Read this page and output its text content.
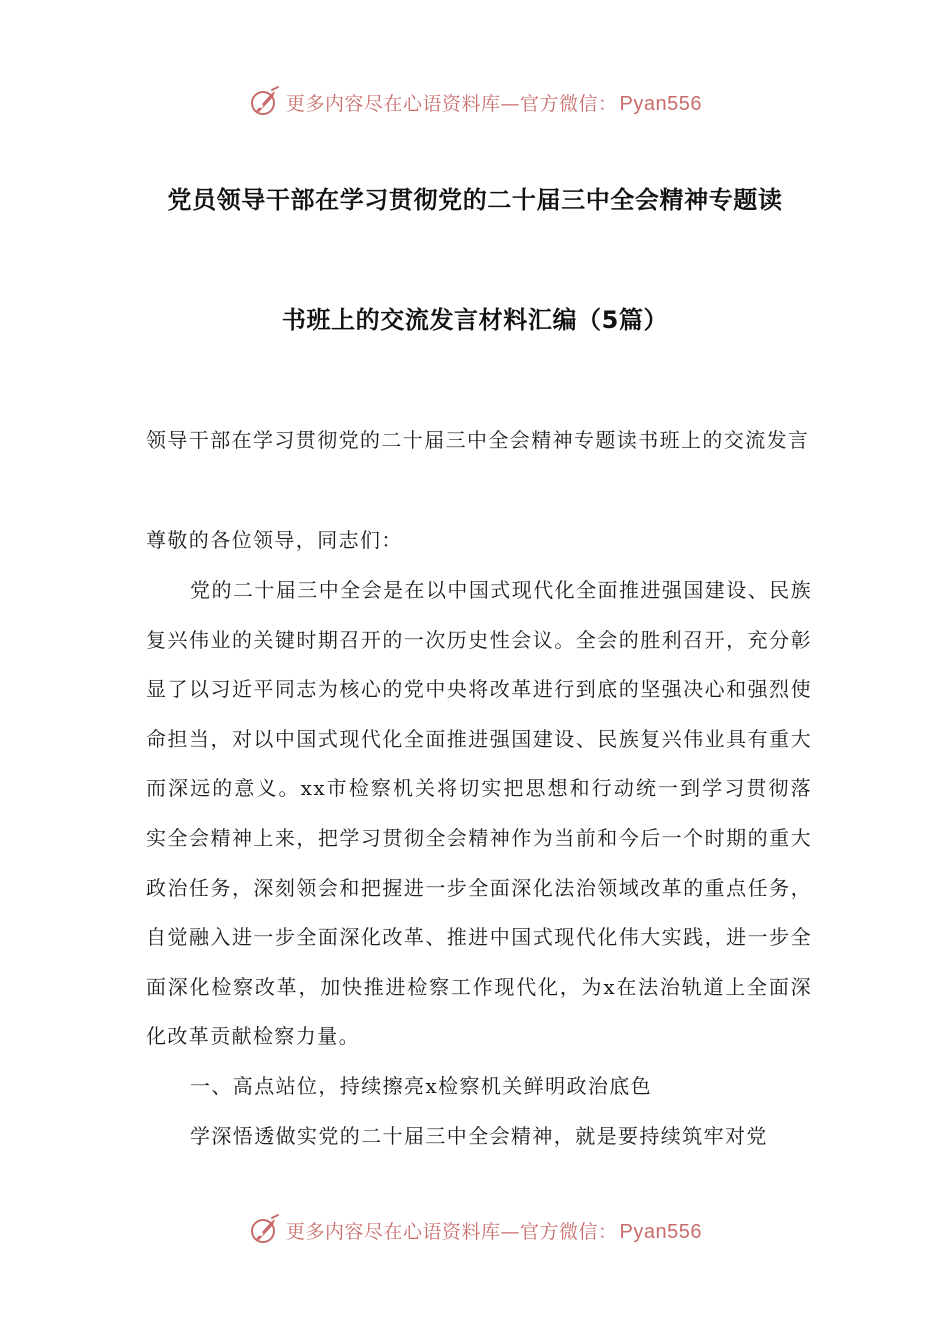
更多内容尽在心语资料库—官方微信： Pyan556
党员领导干部在学习贯彻党的二十届三中全会精神专题读
书班上的交流发言材料汇编（5篇）
领导干部在学习贯彻党的二十届三中全会精神专题读书班上的交流发言
尊敬的各位领导，同志们：
党的二十届三中全会是在以中国式现代化全面推进强国建设、民族复兴伟业的关键时期召开的一次历史性会议。全会的胜利召开，充分彰显了以习近平同志为核心的党中央将改革进行到底的坚强决心和强烈使命担当，对以中国式现代化全面推进强国建设、民族复兴伟业具有重大而深远的意义。xx市检察机关将切实把思想和行动统一到学习贯彻落实全会精神上来，把学习贯彻全会精神作为当前和今后一个时期的重大政治任务，深刻领会和把握进一步全面深化法治领域改革的重点任务，自觉融入进一步全面深化改革、推进中国式现代化伟大实践，进一步全面深化检察改革，加快推进检察工作现代化，为x在法治轨道上全面深化改革贡献检察力量。
一、高点站位，持续擦亮x检察机关鲜明政治底色
学深悟透做实党的二十届三中全会精神，就是要持续筑牢对党
更多内容尽在心语资料库—官方微信： Pyan556
